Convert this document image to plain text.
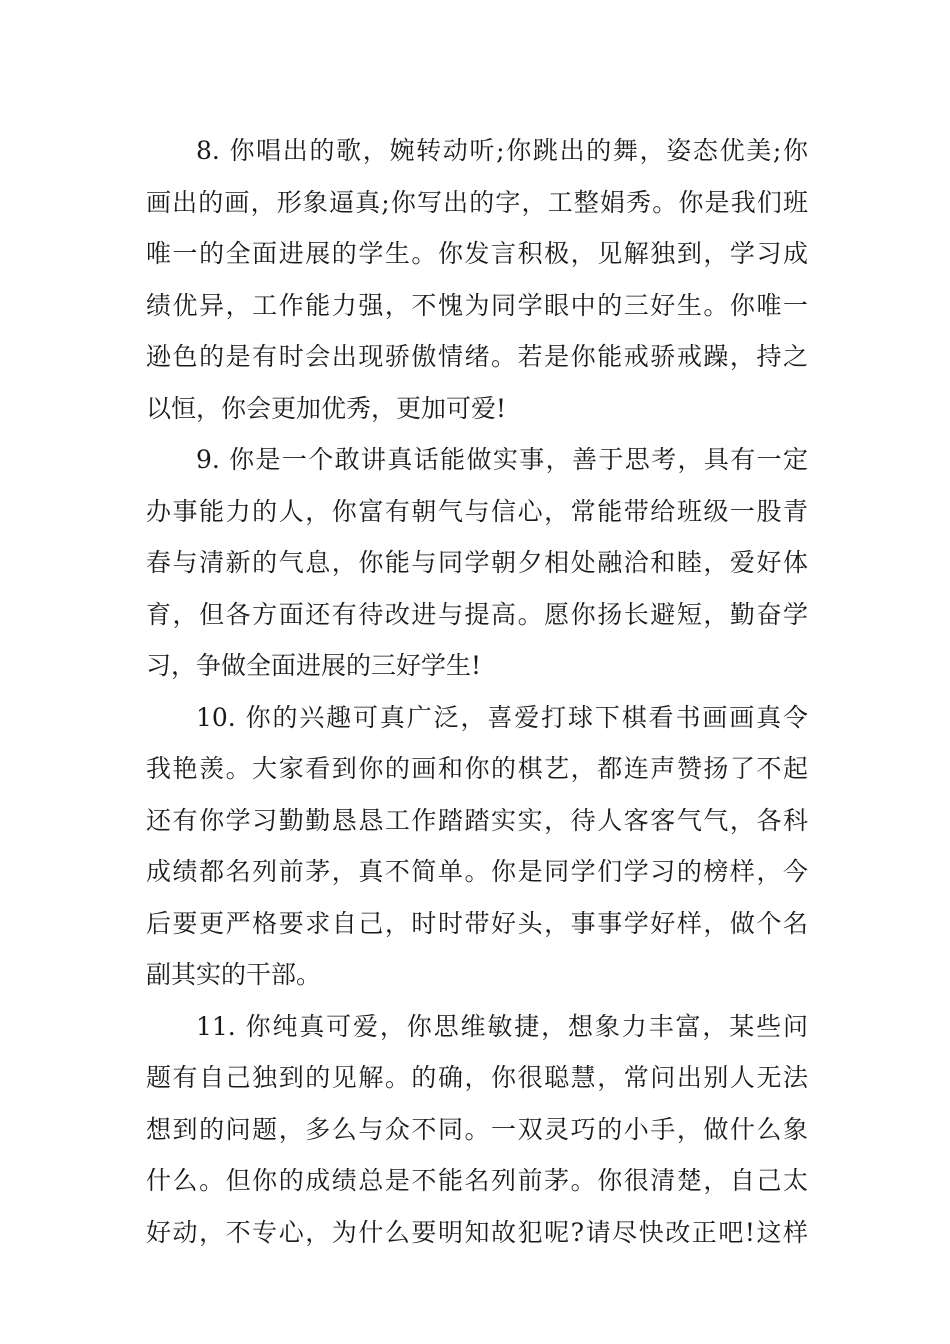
8. 你唱出的歌，婉转动听;你跳出的舞，姿态优美;你
画出的画，形象逼真;你写出的字，工整娟秀。你是我们班
唯一的全面进展的学生。你发言积极，见解独到，学习成
绩优异，工作能力强，不愧为同学眼中的三好生。你唯一
逊色的是有时会出现骄傲情绪。若是你能戒骄戒躁，持之
以恒，你会更加优秀，更加可爱!
9. 你是一个敢讲真话能做实事，善于思考，具有一定
办事能力的人，你富有朝气与信心，常能带给班级一股青
春与清新的气息，你能与同学朝夕相处融洽和睦，爱好体
育，但各方面还有待改进与提高。愿你扬长避短，勤奋学
习，争做全面进展的三好学生!
10. 你的兴趣可真广泛，喜爱打球下棋看书画画真令
我艳羡。大家看到你的画和你的棋艺，都连声赞扬了不起
还有你学习勤勤恳恳工作踏踏实实，待人客客气气，各科
成绩都名列前茅，真不简单。你是同学们学习的榜样，今
后要更严格要求自己，时时带好头，事事学好样，做个名
副其实的干部。
11. 你纯真可爱，你思维敏捷，想象力丰富，某些问
题有自己独到的见解。的确，你很聪慧，常问出别人无法
想到的问题，多么与众不同。一双灵巧的小手，做什么象
什么。但你的成绩总是不能名列前茅。你很清楚，自己太
好动，不专心，为什么要明知故犯呢?请尽快改正吧!这样
